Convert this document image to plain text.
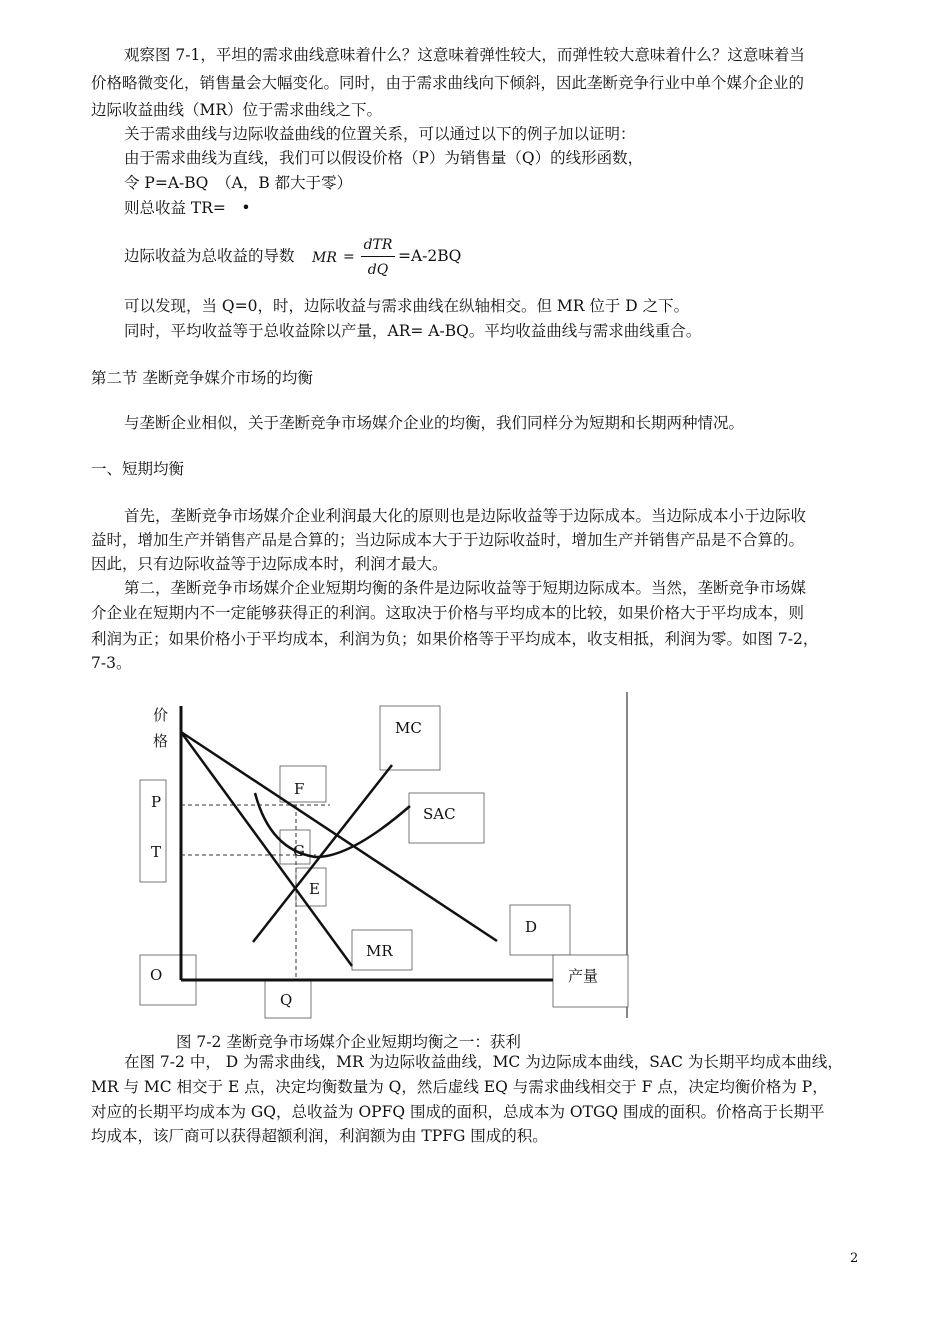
观察图 7-1，平坦的需求曲线意味着什么？这意味着弹性较大，而弹性较大意味着什么？这意味着当
价格略微变化，销售量会大幅变化。同时，由于需求曲线向下倾斜，因此垄断竞争行业中单个媒介企业的
边际收益曲线（MR）位于需求曲线之下。
关于需求曲线与边际收益曲线的位置关系，可以通过以下的例子加以证明：
由于需求曲线为直线，我们可以假设价格（P）为销售量（Q）的线形函数，
令 P=A-BQ　（A，B 都大于零）
则总收益 TR=　•
边际收益为总收益的导数 MR =
dTR
dQ
=A-2BQ
可以发现，当 Q=0，时，边际收益与需求曲线在纵轴相交。但 MR 位于 D 之下。
同时，平均收益等于总收益除以产量，AR= A-BQ。平均收益曲线与需求曲线重合。
第二节 垄断竞争媒介市场的均衡
与垄断企业相似，关于垄断竞争市场媒介企业的均衡，我们同样分为短期和长期两种情况。
一、短期均衡
首先，垄断竞争市场媒介企业利润最大化的原则也是边际收益等于边际成本。当边际成本小于边际收
益时，增加生产并销售产品是合算的；当边际成本大于于边际收益时，增加生产并销售产品是不合算的。
因此，只有边际收益等于边际成本时，利润才最大。
第二，垄断竞争市场媒介企业短期均衡的条件是边际收益等于短期边际成本。当然，垄断竞争市场媒
介企业在短期内不一定能够获得正的利润。这取决于价格与平均成本的比较，如果价格大于平均成本，则
利润为正；如果价格小于平均成本，利润为负；如果价格等于平均成本，收支相抵，利润为零。如图 7-2，
7-3。
价
格
P
T
O
Q
产量
MC
SAC
D
MR
F
G
E
图 7-2 垄断竞争市场媒介企业短期均衡之一：获利
在图 7-2 中， D 为需求曲线，MR 为边际收益曲线，MC 为边际成本曲线，SAC 为长期平均成本曲线，
MR 与 MC 相交于 E 点，决定均衡数量为 Q，然后虚线 EQ 与需求曲线相交于 F 点，决定均衡价格为 P，
对应的长期平均成本为 GQ，总收益为 OPFQ 围成的面积，总成本为 OTGQ 围成的面积。价格高于长期平
均成本，该厂商可以获得超额利润，利润额为由 TPFG 围成的积。
2
